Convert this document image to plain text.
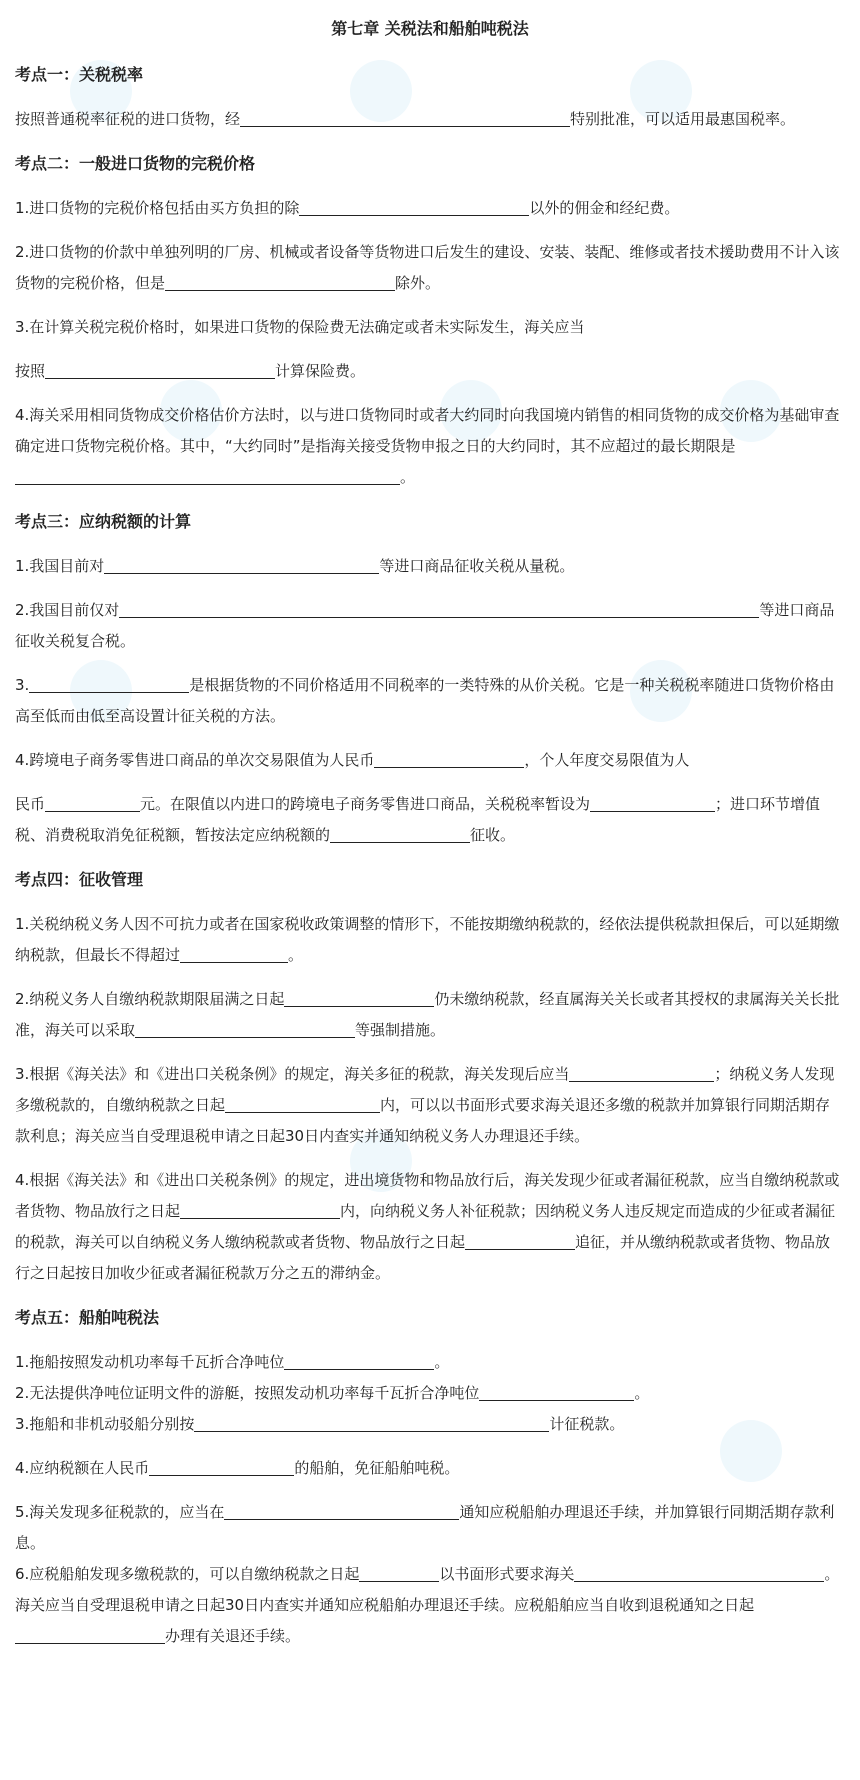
第七章 关税法和船舶吨税法
考点一：关税税率

按照普通税率征税的进口货物，经	特别批准，可以适用最惠国税率。

考点二：一般进口货物的完税价格

1.进口货物的完税价格包括由买方负担的除	以外的佣金和经纪费。

2.进口货物的价款中单独列明的厂房、机械或者设备等货物进口后发生的建设、安装、装配、维修或者技术援助费用不计入该货物的完税价格，但是	除外。

3.在计算关税完税价格时，如果进口货物的保险费无法确定或者未实际发生，海关应当

按照	计算保险费。

4.海关采用相同货物成交价格估价方法时，以与进口货物同时或者大约同时向我国境内销售的相同货物的成交价格为基础审查确定进口货物完税价格。其中，“大约同时”是指海关接受货物申报之日的大约同时，其不应超过的最长期限是。

考点三：应纳税额的计算

1.我国目前对	等进口商品征收关税从量税。

2.我国目前仅对	等进口商品征收关税复合税。

3.	是根据货物的不同价格适用不同税率的一类特殊的从价关税。它是一种关税税率随进口货物价格由高至低而由低至高设置计征关税的方法。

4.跨境电子商务零售进口商品的单次交易限值为人民币	，个人年度交易限值为人

民币	元。在限值以内进口的跨境电子商务零售进口商品，关税税率暂设为	；进口环节增值税、消费税取消免征税额，暂按法定应纳税额的	征收。

考点四：征收管理

1.关税纳税义务人因不可抗力或者在国家税收政策调整的情形下，不能按期缴纳税款的，经依法提供税款担保后，可以延期缴纳税款，但最长不得超过	。

2.纳税义务人自缴纳税款期限届满之日起	仍未缴纳税款，经直属海关关长或者其授权的隶属海关关长批准，海关可以采取	等强制措施。

3.根据《海关法》和《进出口关税条例》的规定，海关多征的税款，海关发现后应当	；纳税义务人发现多缴税款的，自缴纳税款之日起	内，可以以书面形式要求海关退还多缴的税款并加算银行同期活期存款利息；海关应当自受理退税申请之日起30日内查实并通知纳税义务人办理退还手续。

4.根据《海关法》和《进出口关税条例》的规定，进出境货物和物品放行后，海关发现少征或者漏征税款，应当自缴纳税款或者货物、物品放行之日起	内，向纳税义务人补征税款；因纳税义务人违反规定而造成的少征或者漏征的税款，海关可以自纳税义务人缴纳税款或者货物、物品放行之日起	追征，并从缴纳税款或者货物、物品放行之日起按日加收少征或者漏征税款万分之五的滞纳金。

考点五：船舶吨税法

1.拖船按照发动机功率每千瓦折合净吨位	。

2.无法提供净吨位证明文件的游艇，按照发动机功率每千瓦折合净吨位	。

3.拖船和非机动驳船分别按	计征税款。

4.应纳税额在人民币	的船舶，免征船舶吨税。

5.海关发现多征税款的，应当在	通知应税船舶办理退还手续，并加算银行同期活期存款利息。

6.应税船舶发现多缴税款的，可以自缴纳税款之日起	以书面形式要求海关	。海关应当自受理退税申请之日起30日内查实并通知应税船舶办理退还手续。应税船舶应当自收到退税通知之日起办理有关退还手续。
